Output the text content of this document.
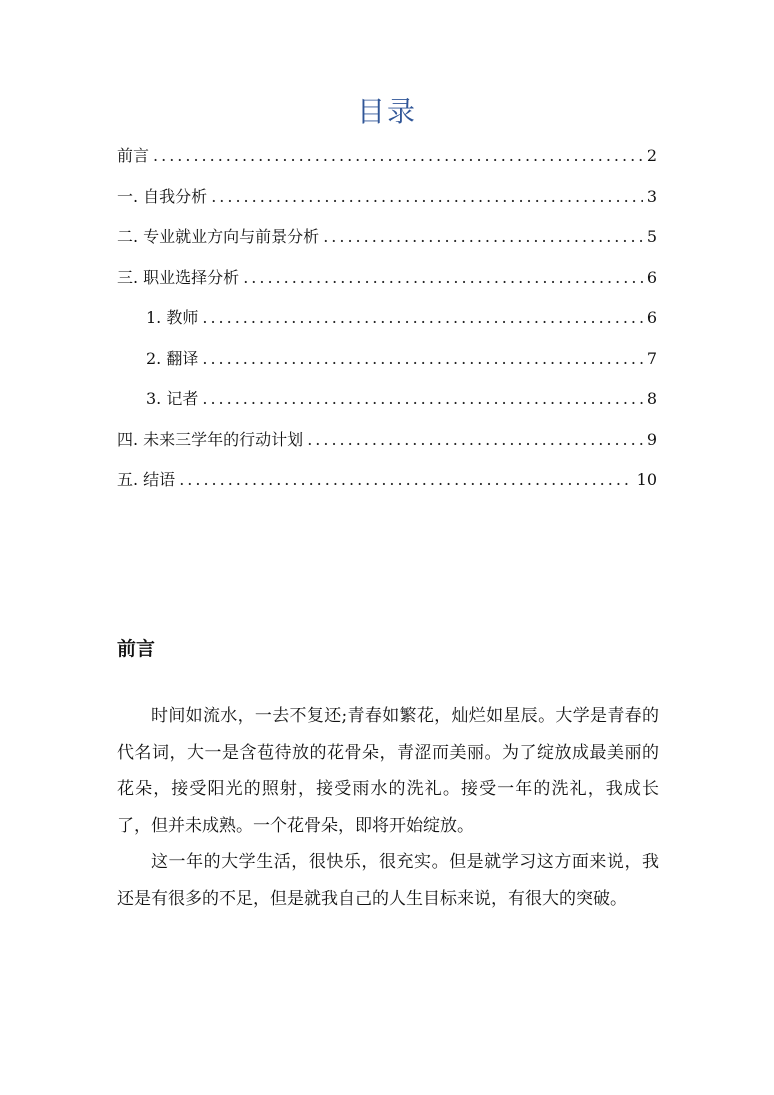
目录
前言 .....	2
一. 自我分析 .....	3
二. 专业就业方向与前景分析 .....	5
三. 职业选择分析 .....	6
1. 教师 .....	6
2. 翻译 .....	7
3. 记者 .....	8
四. 未来三学年的行动计划 .....	9
五. 结语 .....	10
前言

时间如流水，一去不复还;青春如繁花，灿烂如星辰。大学是青春的代名词，大一是含苞待放的花骨朵，青涩而美丽。为了绽放成最美丽的花朵，接受阳光的照射，接受雨水的洗礼。接受一年的洗礼，我成长了，但并未成熟。一个花骨朵，即将开始绽放。

这一年的大学生活，很快乐，很充实。但是就学习这方面来说，我还是有很多的不足，但是就我自己的人生目标来说，有很大的突破。
